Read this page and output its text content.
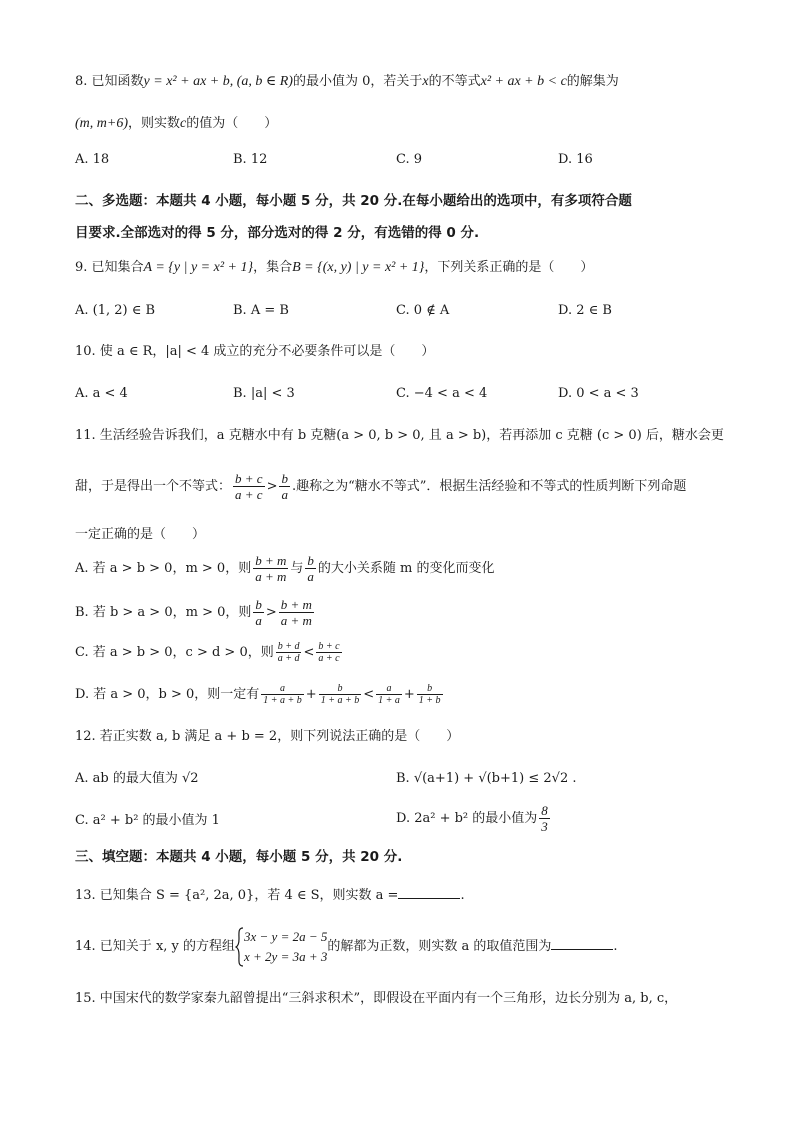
8. 已知函数y = x² + ax + b, (a, b ∈ R)的最小值为 0，若关于x的不等式x² + ax + b < c的解集为
(m, m+6)，则实数c的值为（　　）
A. 18	B. 12	C. 9	D. 16
二、多选题：本题共 4 小题，每小题 5 分，共 20 分.在每小题给出的选项中，有多项符合题
目要求.全部选对的得 5 分，部分选对的得 2 分，有选错的得 0 分.
9. 已知集合A = {y | y = x² + 1}，集合B = {(x, y) | y = x² + 1}，下列关系正确的是（　　）
A. (1, 2) ∈ B	B. A = B	C. 0 ∉ A	D. 2 ∈ B
10. 使 a ∈ R，|a| < 4 成立的充分不必要条件可以是（　　）
A. a < 4	B. |a| < 3	C. −4 < a < 4	D. 0 < a < 3
11. 生活经验告诉我们，a 克糖水中有 b 克糖(a > 0, b > 0, 且 a > b)，若再添加 c 克糖 (c > 0) 后，糖水会更
甜，于是得出一个不等式： $\frac{b + c}{a + c} > \frac{b}{a}$ .趣称之为“糖水不等式”．根据生活经验和不等式的性质判断下列命题
一定正确的是（　　）
A. 若 a > b > 0，m > 0，则 $\frac{b + m}{a + m}$ 与 $\frac{b}{a}$ 的大小关系随 m 的变化而变化
B. 若 b > a > 0，m > 0，则 $\frac{b}{a} > \frac{b + m}{a + m}$
C. 若 a > b > 0，c > d > 0，则 $\frac{b + d}{a + d} < \frac{b + c}{a + c}$
D. 若 a > 0，b > 0，则一定有 $\frac{a}{1 + a + b} + \frac{b}{1 + a + b} < \frac{a}{1 + a} + \frac{b}{1 + b}$
12. 若正实数 a, b 满足 a + b = 2，则下列说法正确的是（　　）
A. ab 的最大值为 √2	B. √(a+1) + √(b+1) ≤ 2√2 .
C. a² + b² 的最小值为 1	D. 2a² + b² 的最小值为 $\frac{8}{3}$
三、填空题：本题共 4 小题，每小题 5 分，共 20 分.
13. 已知集合 S = {a², 2a, 0}，若 4 ∈ S，则实数 a =	.
14. 已知关于 x, y 的方程组
3x − y = 2a − 5
x + 2y = 3a + 3
的解都为正数，则实数 a 的取值范围为	.
15. 中国宋代的数学家秦九韶曾提出“三斜求积术”，即假设在平面内有一个三角形，边长分别为 a, b, c，
